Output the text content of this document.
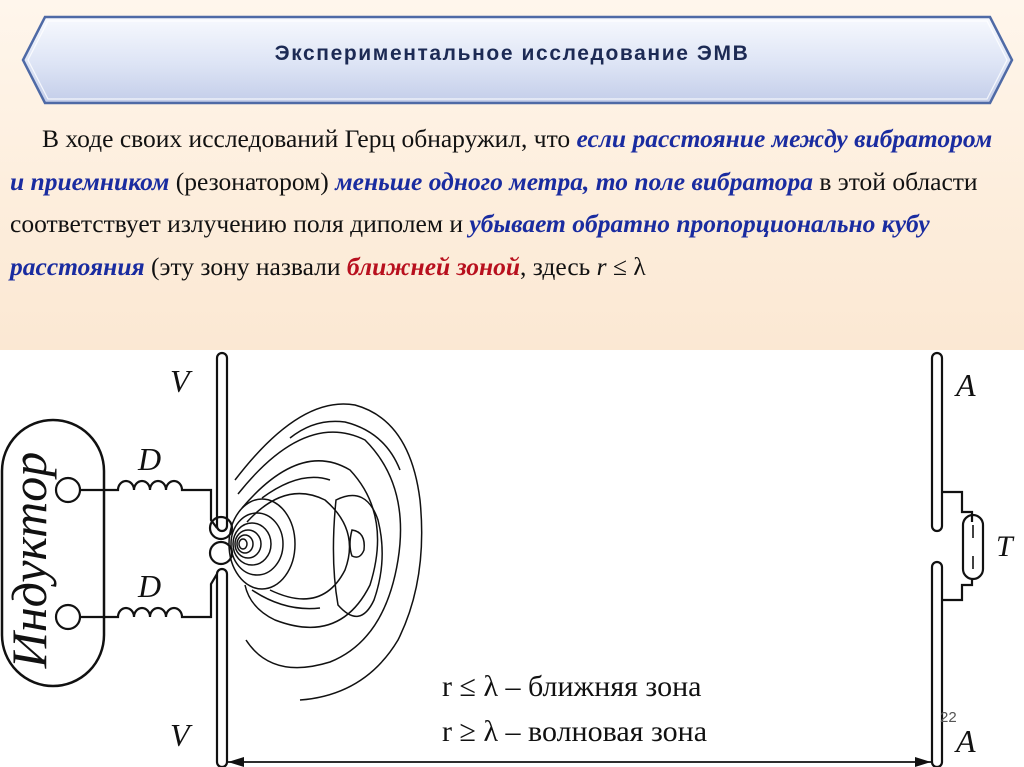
Экспериментальное исследование ЭМВ
В ходе своих исследований Герц обнаружил, что если расстояние между вибратором и приемником (резонатором) меньше одного метра, то поле вибратора в этой области соответствует излучению поля диполем и убывает обратно пропорционально кубу расстояния (эту зону назвали ближней зоной, здесь r ≤ λ
Индуктор
V
V
D
D
A
A
T
r ≤ λ – ближняя зона
r ≥ λ – волновая зона	22
